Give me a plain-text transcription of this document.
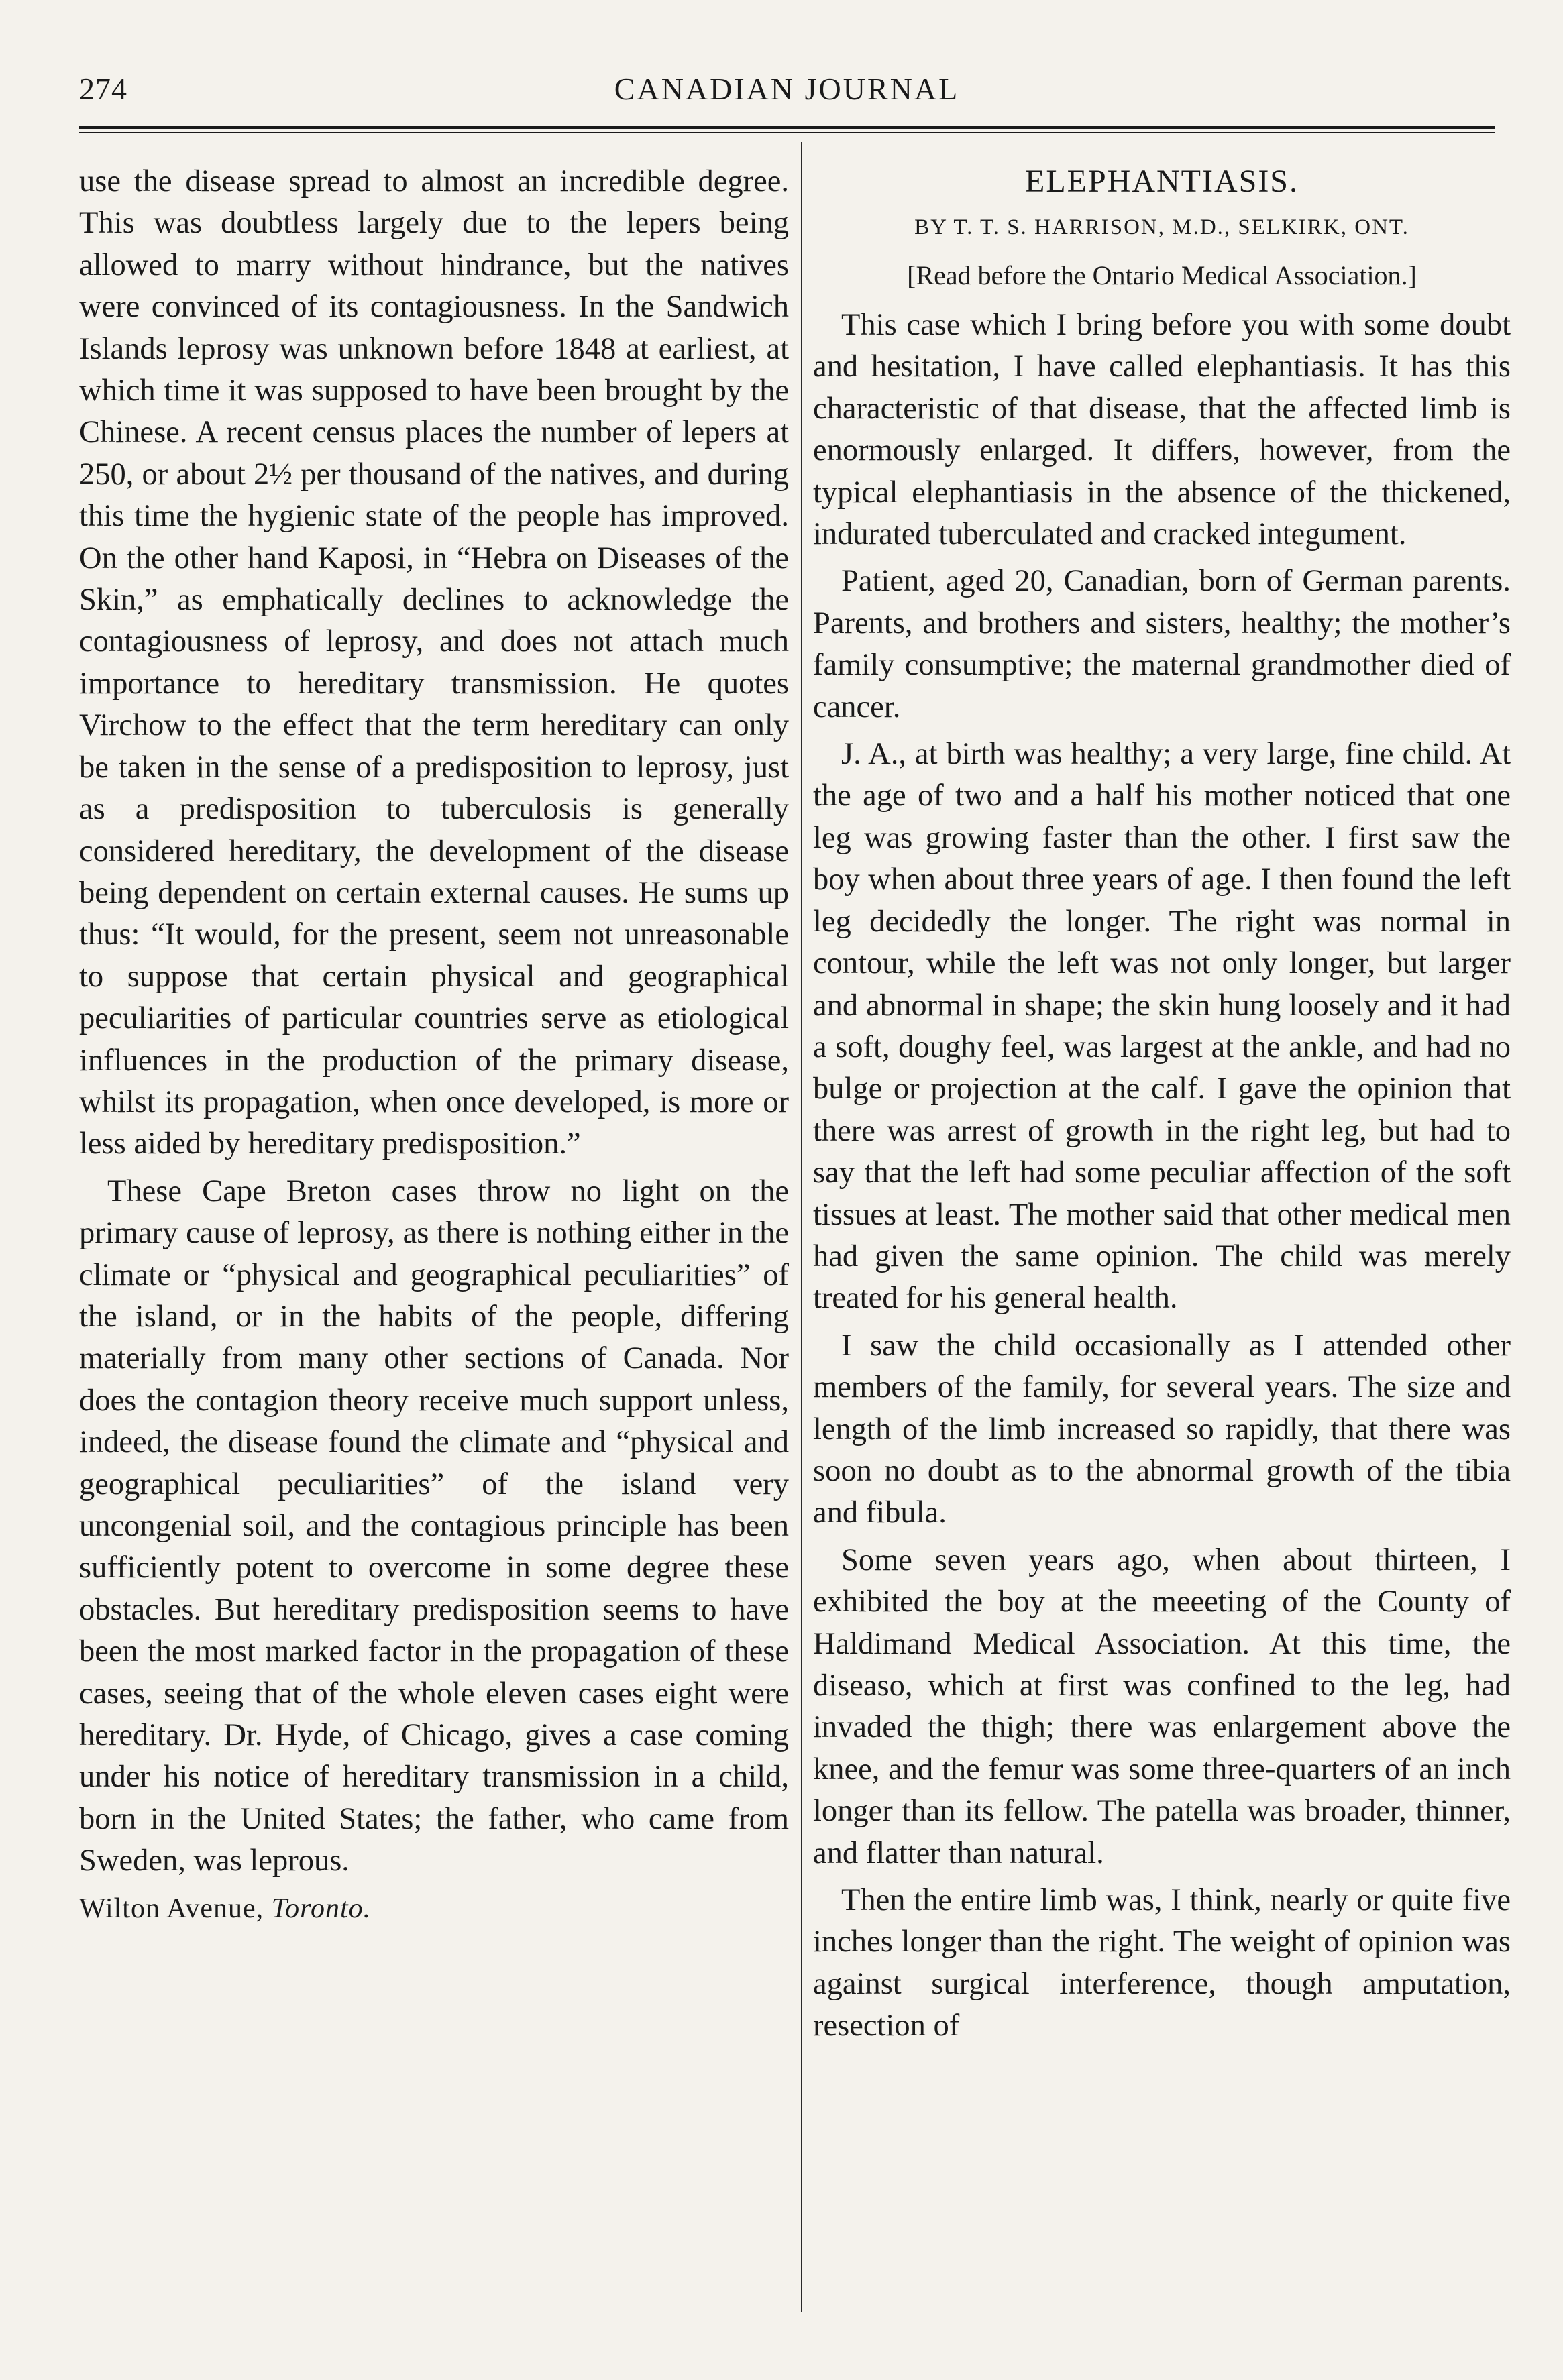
274	CANADIAN JOURNAL

use the disease spread to almost an incredible degree. This was doubtless largely due to the lepers being allowed to marry without hindrance, but the natives were convinced of its contagiousness. In the Sandwich Islands leprosy was unknown before 1848 at earliest, at which time it was supposed to have been brought by the Chinese. A recent census places the number of lepers at 250, or about 2½ per thousand of the natives, and during this time the hygienic state of the people has improved. On the other hand Kaposi, in “Hebra on Diseases of the Skin,” as emphatically declines to acknowledge the contagiousness of leprosy, and does not attach much importance to hereditary transmission. He quotes Virchow to the effect that the term hereditary can only be taken in the sense of a predisposition to leprosy, just as a predisposition to tuberculosis is generally considered hereditary, the development of the disease being dependent on certain external causes. He sums up thus: “It would, for the present, seem not unreasonable to suppose that certain physical and geographical peculiarities of particular countries serve as etiological influences in the production of the primary disease, whilst its propagation, when once developed, is more or less aided by hereditary predisposition.”

These Cape Breton cases throw no light on the primary cause of leprosy, as there is nothing either in the climate or “physical and geographical peculiarities” of the island, or in the habits of the people, differing materially from many other sections of Canada. Nor does the contagion theory receive much support unless, indeed, the disease found the climate and “physical and geographical peculiarities” of the island very uncongenial soil, and the contagious principle has been sufficiently potent to overcome in some degree these obstacles. But hereditary predisposition seems to have been the most marked factor in the propagation of these cases, seeing that of the whole eleven cases eight were hereditary. Dr. Hyde, of Chicago, gives a case coming under his notice of hereditary transmission in a child, born in the United States; the father, who came from Sweden, was leprous.

Wilton Avenue, Toronto.

ELEPHANTIASIS.
BY T. T. S. HARRISON, M.D., SELKIRK, ONT.
[Read before the Ontario Medical Association.]

This case which I bring before you with some doubt and hesitation, I have called elephantiasis. It has this characteristic of that disease, that the affected limb is enormously enlarged. It differs, however, from the typical elephantiasis in the absence of the thickened, indurated tuberculated and cracked integument.

Patient, aged 20, Canadian, born of German parents. Parents, and brothers and sisters, healthy; the mother’s family consumptive; the maternal grandmother died of cancer.

J. A., at birth was healthy; a very large, fine child. At the age of two and a half his mother noticed that one leg was growing faster than the other. I first saw the boy when about three years of age. I then found the left leg decidedly the longer. The right was normal in contour, while the left was not only longer, but larger and abnormal in shape; the skin hung loosely and it had a soft, doughy feel, was largest at the ankle, and had no bulge or projection at the calf. I gave the opinion that there was arrest of growth in the right leg, but had to say that the left had some peculiar affection of the soft tissues at least. The mother said that other medical men had given the same opinion. The child was merely treated for his general health.

I saw the child occasionally as I attended other members of the family, for several years. The size and length of the limb increased so rapidly, that there was soon no doubt as to the abnormal growth of the tibia and fibula.

Some seven years ago, when about thirteen, I exhibited the boy at the meeeting of the County of Haldimand Medical Association. At this time, the diseaso, which at first was confined to the leg, had invaded the thigh; there was enlargement above the knee, and the femur was some three-quarters of an inch longer than its fellow. The patella was broader, thinner, and flatter than natural.

Then the entire limb was, I think, nearly or quite five inches longer than the right. The weight of opinion was against surgical interference, though amputation, resection of
